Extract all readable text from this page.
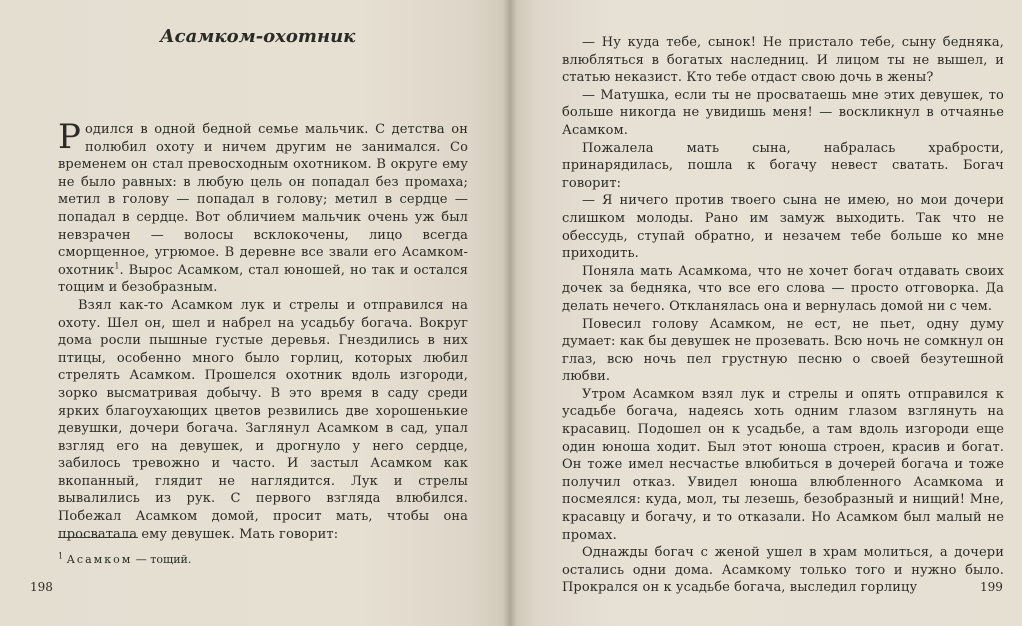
Асамком-охотник

Родился в одной бедной семье мальчик. С детства он полюбил охоту и ничем другим не занимался. Со временем он стал превосходным охотником. В округе ему не было равных: в любую цель он попадал без промаха; метил в голову — попадал в голову; метил в сердце — попадал в сердце. Вот обличием мальчик очень уж был невзрачен — волосы всклокочены, лицо всегда сморщенное, угрюмое. В деревне все звали его Асамком-охотник$^1$. Вырос Асамком, стал юношей, но так и остался тощим и безобразным.

Взял как-то Асамком лук и стрелы и отправился на охоту. Шел он, шел и набрел на усадьбу богача. Вокруг дома росли пышные густые деревья. Гнездились в них птицы, особенно много было горлиц, которых любил стрелять Асамком. Прошелся охотник вдоль изгороди, зорко высматривая добычу. В это время в саду среди ярких благоухающих цветов резвились две хорошенькие девушки, дочери богача. Заглянул Асамком в сад, упал взгляд его на девушек, и дрогнуло у него сердце, забилось тревожно и часто. И застыл Асамком как вкопанный, глядит не наглядится. Лук и стрелы вывалились из рук. С первого взгляда влюбился. Побежал Асамком домой, просит мать, чтобы она просватала ему девушек. Мать говорит:

$^1$ Асамком — тощий.
198

— Ну куда тебе, сынок! Не пристало тебе, сыну бедняка, влюбляться в богатых наследниц. И лицом ты не вышел, и статью неказист. Кто тебе отдаст свою дочь в жены?

— Матушка, если ты не просватаешь мне этих девушек, то больше никогда не увидишь меня! — воскликнул в отчаянье Асамком.

Пожалела мать сына, набралась храбрости, принарядилась, пошла к богачу невест сватать. Богач говорит:

— Я ничего против твоего сына не имею, но мои дочери слишком молоды. Рано им замуж выходить. Так что не обессудь, ступай обратно, и незачем тебе больше ко мне приходить.

Поняла мать Асамкома, что не хочет богач отдавать своих дочек за бедняка, что все его слова — просто отговорка. Да делать нечего. Откланялась она и вернулась домой ни с чем.

Повесил голову Асамком, не ест, не пьет, одну думу думает: как бы девушек не прозевать. Всю ночь не сомкнул он глаз, всю ночь пел грустную песню о своей безутешной любви.

Утром Асамком взял лук и стрелы и опять отправился к усадьбе богача, надеясь хоть одним глазом взглянуть на красавиц. Подошел он к усадьбе, а там вдоль изгороди еще один юноша ходит. Был этот юноша строен, красив и богат. Он тоже имел несчастье влюбиться в дочерей богача и тоже получил отказ. Увидел юноша влюбленного Асамкома и посмеялся: куда, мол, ты лезешь, безобразный и нищий! Мне, красавцу и богачу, и то отказали. Но Асамком был малый не промах.

Однажды богач с женой ушел в храм молиться, а дочери остались одни дома. Асамкому только того и нужно было. Прокрался он к усадьбе богача, выследил горлицу	199
